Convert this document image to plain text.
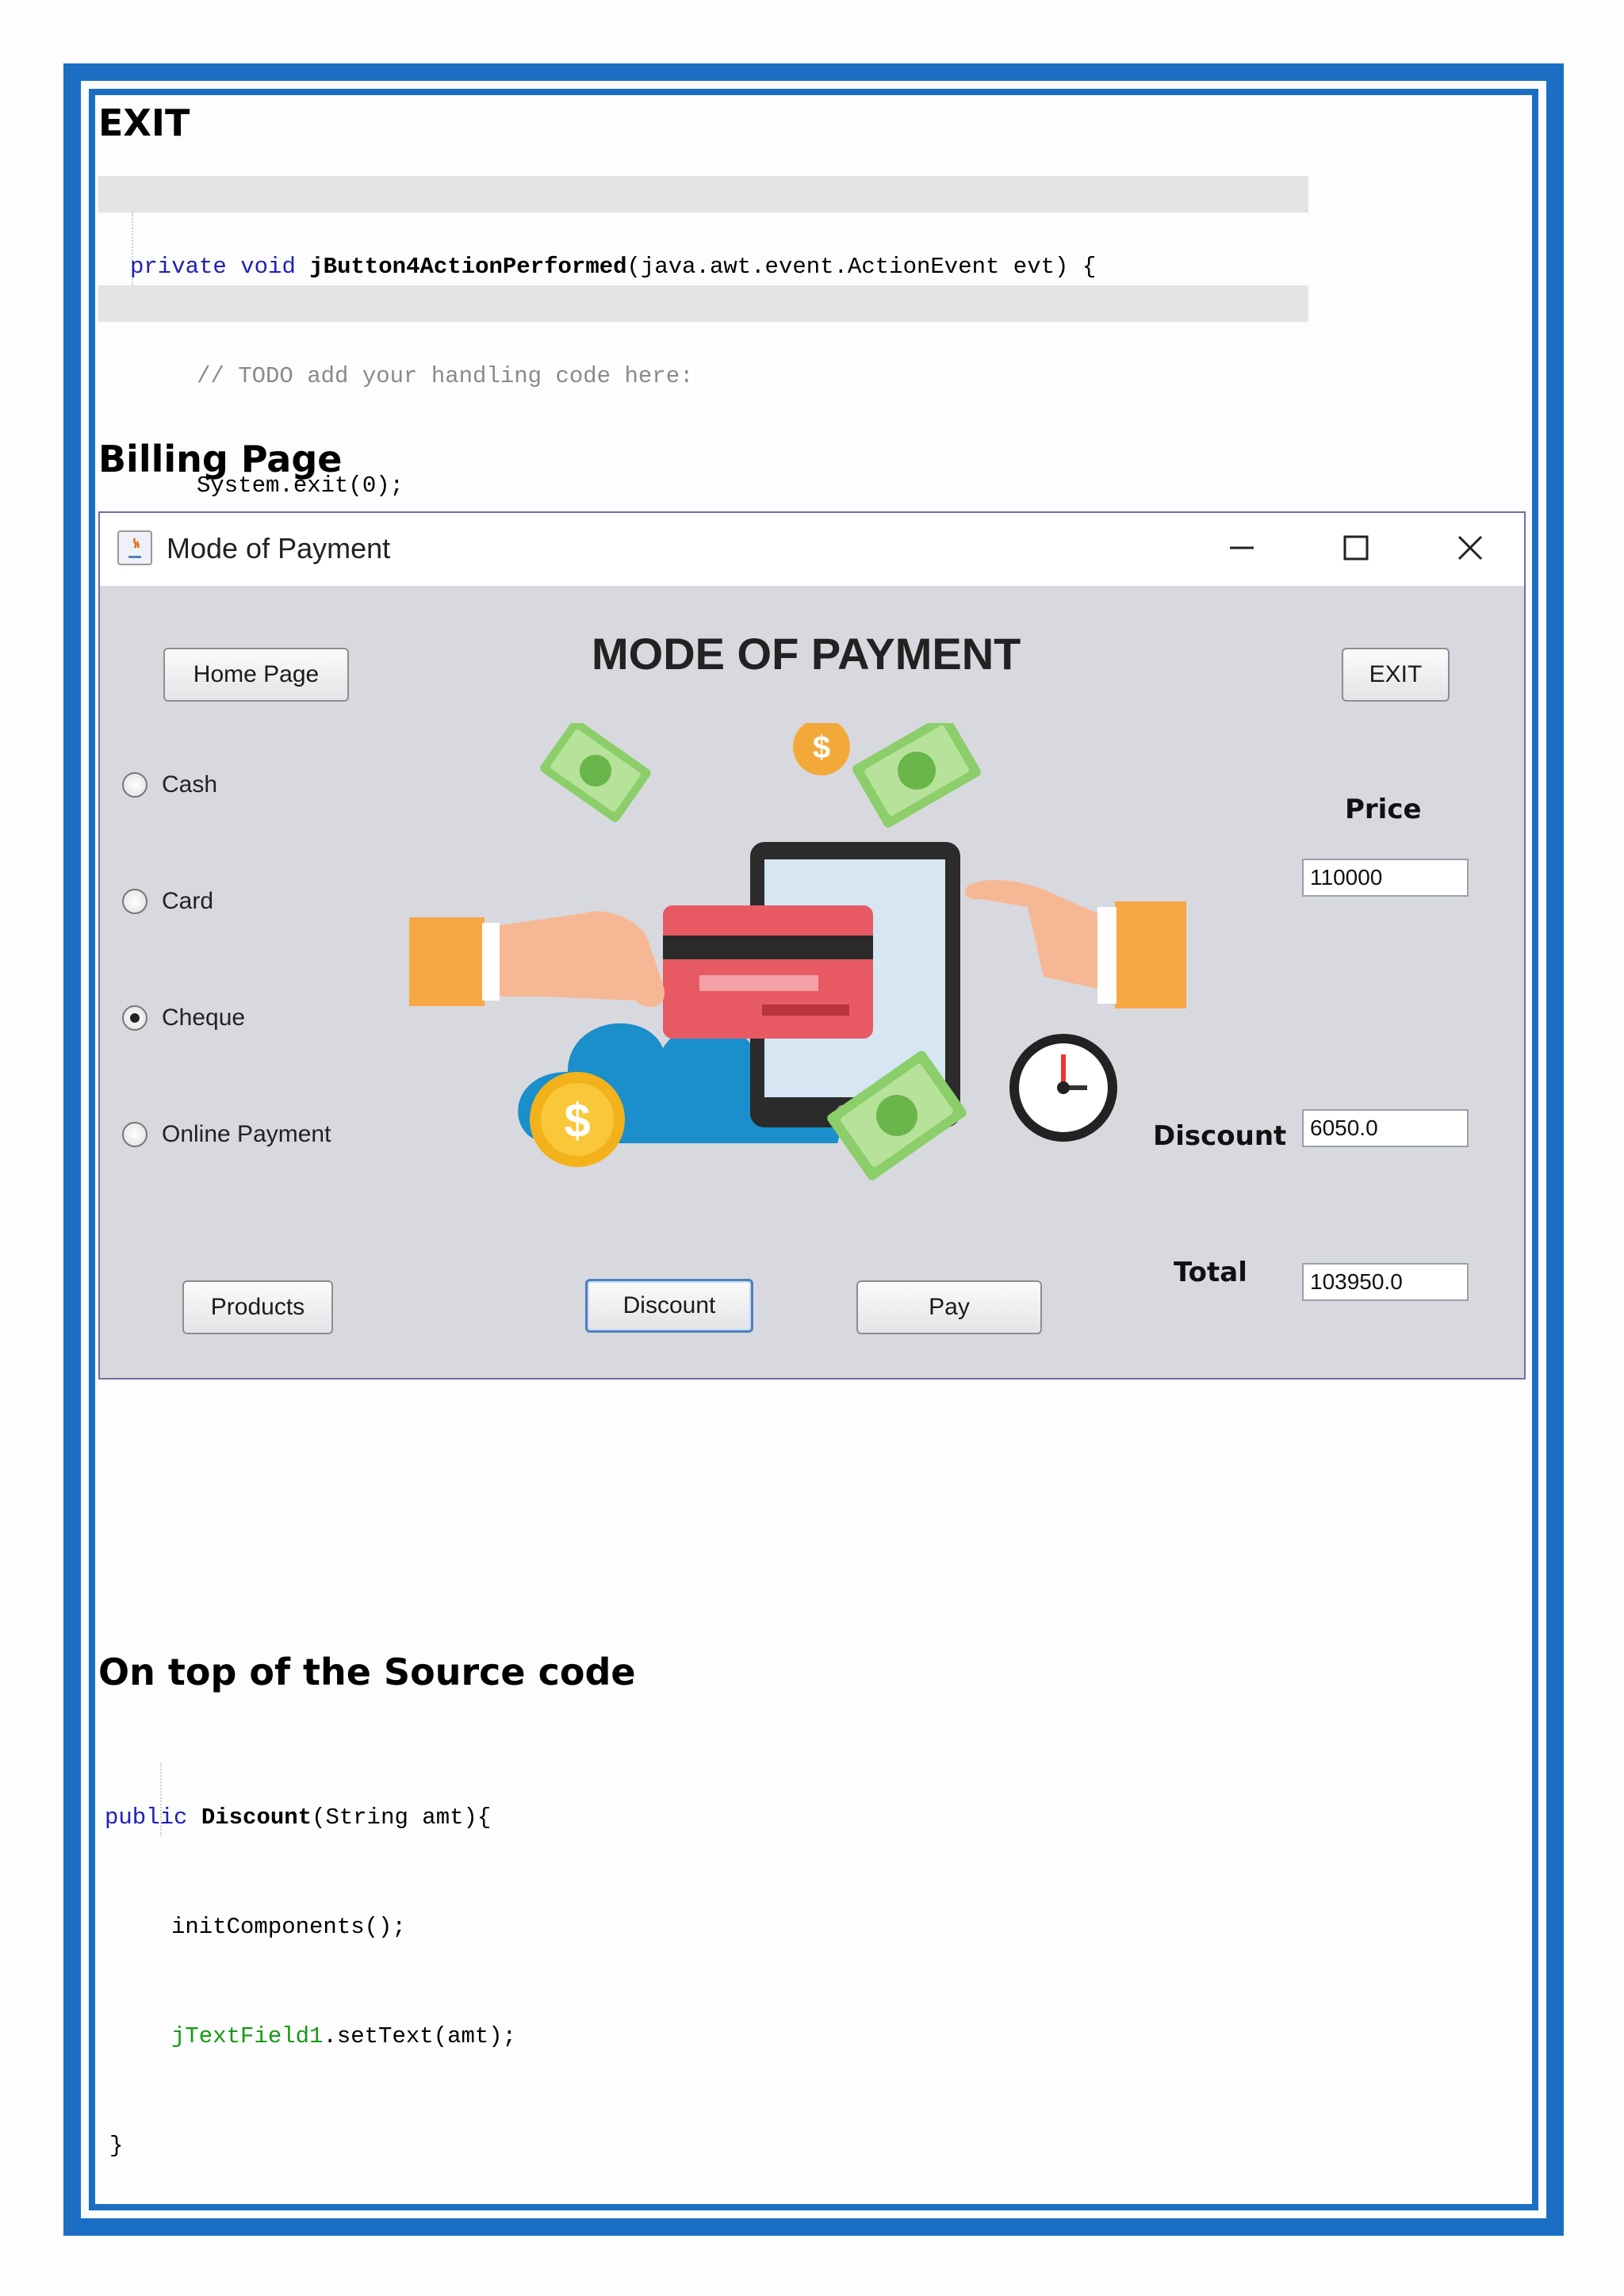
EXIT

private void jButton4ActionPerformed(java.awt.event.ActionEvent evt) {

// TODO add your handling code here:

System.exit(0);

Billing Page
Mode of Payment
Home Page	MODE OF PAYMENT	EXIT
Cash
Card
Cheque
Online Payment	$
$
Price
110000
Discount	6050.0
Total	103950.0
Products	Discount	Pay
On top of the Source code

public Discount(String amt){

initComponents();

jTextField1.setText(amt);

}
